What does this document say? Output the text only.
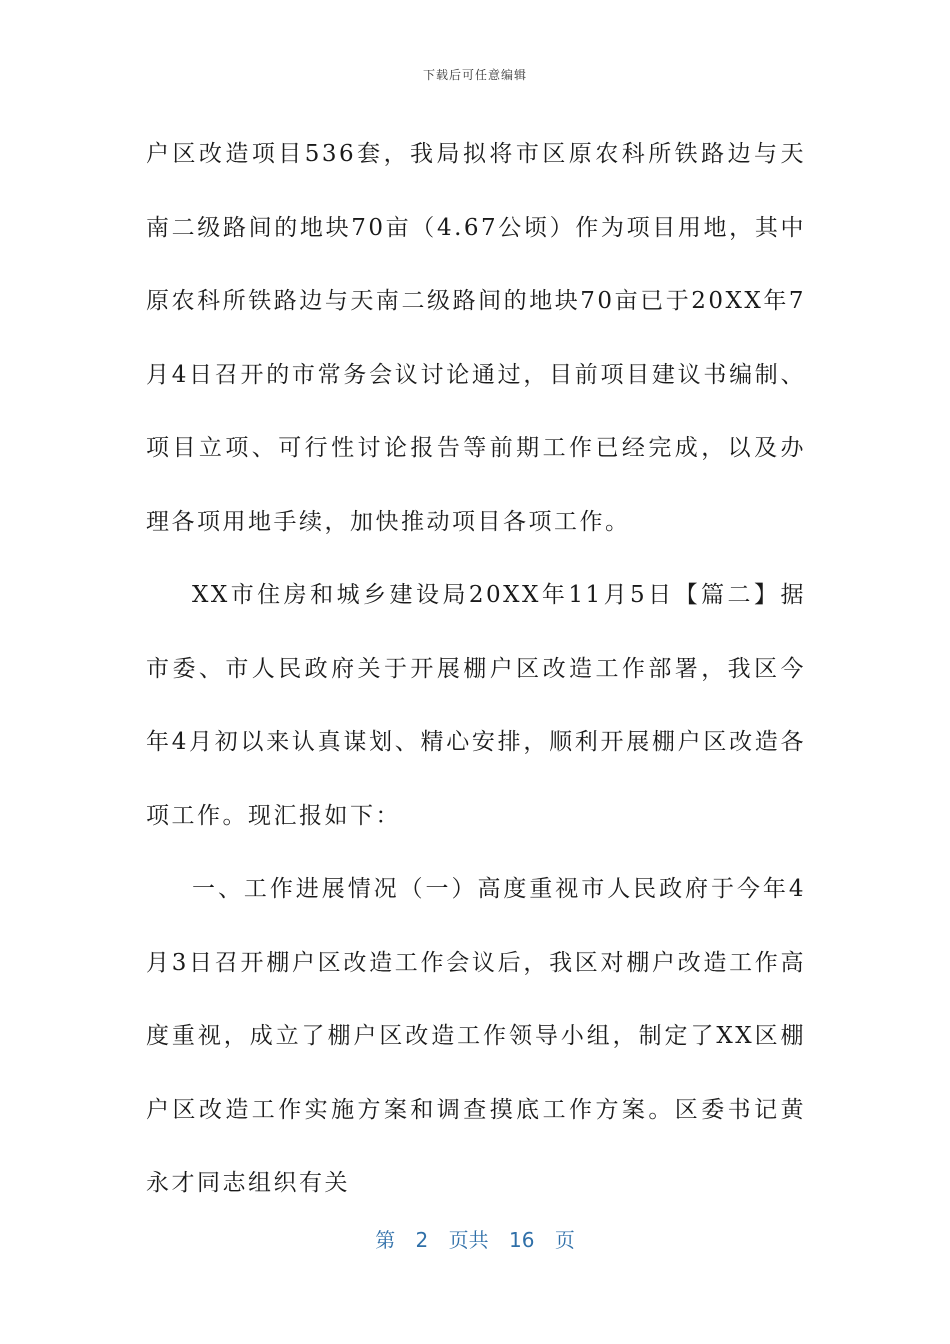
下载后可任意编辑

户区改造项目536套，我局拟将市区原农科所铁路边与天南二级路间的地块70亩（4.67公顷）作为项目用地，其中原农科所铁路边与天南二级路间的地块70亩已于20XX年7月4日召开的市常务会议讨论通过，目前项目建议书编制、项目立项、可行性讨论报告等前期工作已经完成，以及办理各项用地手续，加快推动项目各项工作。

XX市住房和城乡建设局20XX年11月5日【篇二】据市委、市人民政府关于开展棚户区改造工作部署，我区今年4月初以来认真谋划、精心安排，顺利开展棚户区改造各项工作。现汇报如下：

一、工作进展情况（一）高度重视市人民政府于今年4月3日召开棚户区改造工作会议后，我区对棚户改造工作高度重视，成立了棚户区改造工作领导小组，制定了XX区棚户区改造工作实施方案和调查摸底工作方案。区委书记黄永才同志组织有关

第 2 页共 16 页
